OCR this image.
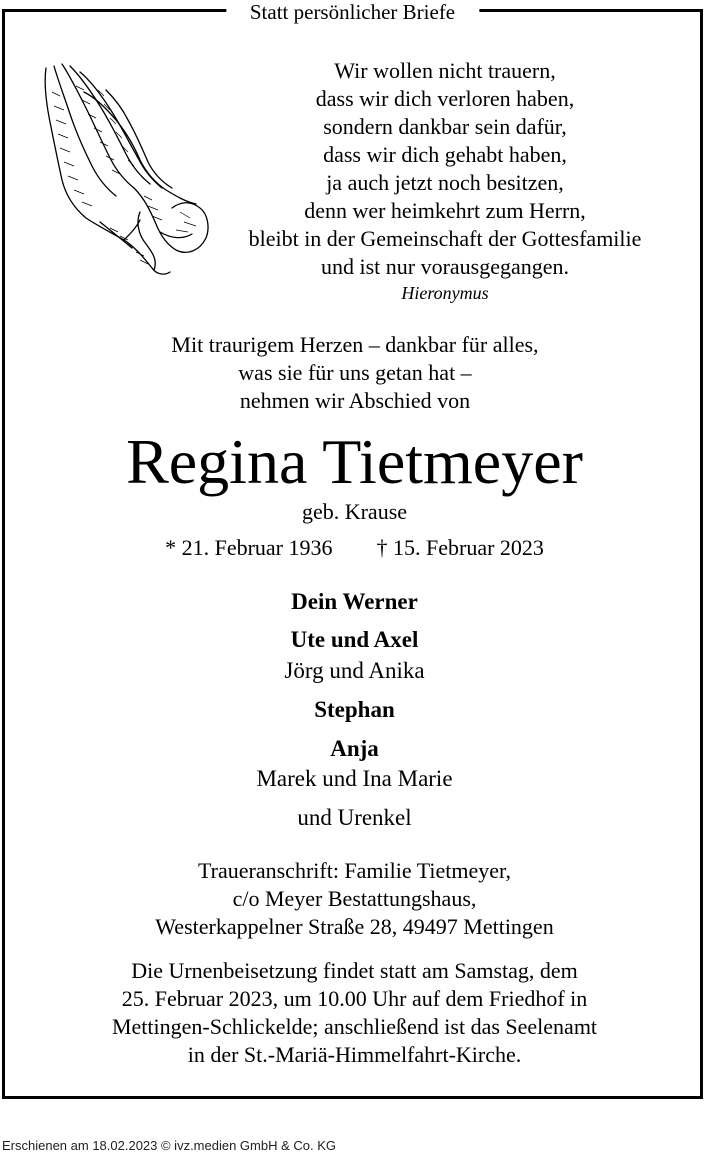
Statt persönlicher Briefe
Wir wollen nicht trauern,
dass wir dich verloren haben,
sondern dankbar sein dafür,
dass wir dich gehabt haben,
ja auch jetzt noch besitzen,
denn wer heimkehrt zum Herrn,
bleibt in der Gemeinschaft der Gottesfamilie
und ist nur vorausgegangen.
Hieronymus
Mit traurigem Herzen – dankbar für alles,
was sie für uns getan hat –
nehmen wir Abschied von
Regina Tietmeyer
geb. Krause
* 21. Februar 1936 † 15. Februar 2023
Dein Werner
Ute und Axel
Jörg und Anika
Stephan
Anja
Marek und Ina Marie
und Urenkel
Traueranschrift: Familie Tietmeyer,
c/o Meyer Bestattungshaus,
Westerkappelner Straße 28, 49497 Mettingen
Die Urnenbeisetzung findet statt am Samstag, dem
25. Februar 2023, um 10.00 Uhr auf dem Friedhof in
Mettingen-Schlickelde; anschließend ist das Seelenamt
in der St.-Mariä-Himmelfahrt-Kirche.
Erschienen am 18.02.2023 © ivz.medien GmbH & Co. KG
